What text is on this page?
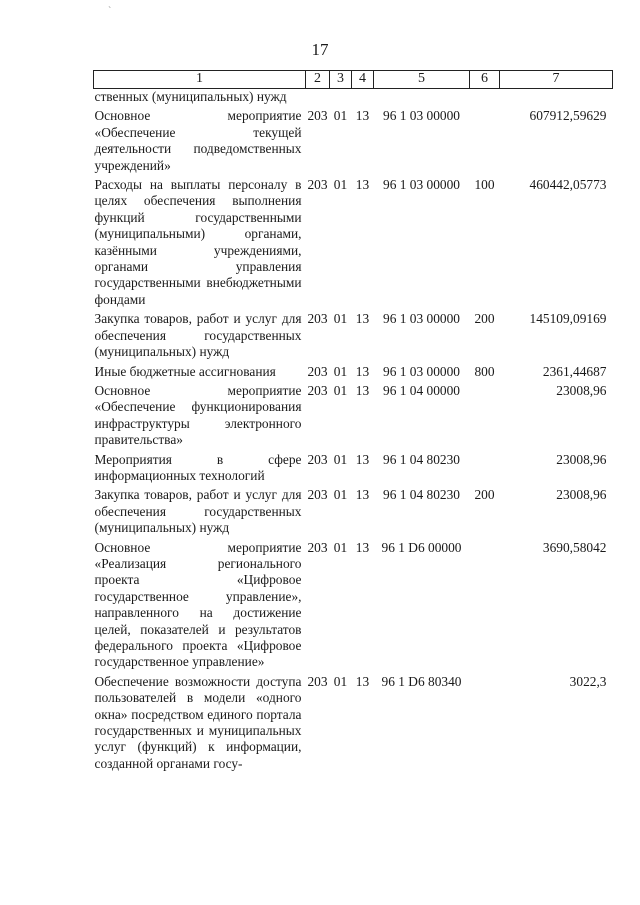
17
1	2	3	4	5	6	7
ственных (муниципальных) нужд						
Основное мероприятие «Обеспечение текущей деятельности подведомственных учреждений»	203	01	13	96 1 03 00000		607912,59629
Расходы на выплаты персоналу в целях обеспечения выполнения функций государственными (муниципальными) органами, казёнными учреждениями, органами управления государственными внебюджетными фондами	203	01	13	96 1 03 00000	100	460442,05773
Закупка товаров, работ и услуг для обеспечения государственных (муниципальных) нужд	203	01	13	96 1 03 00000	200	145109,09169
Иные бюджетные ассигнования	203	01	13	96 1 03 00000	800	2361,44687
Основное мероприятие «Обеспечение функционирования инфраструктуры электронного правительства»	203	01	13	96 1 04 00000		23008,96
Мероприятия в сфере информационных технологий	203	01	13	96 1 04 80230		23008,96
Закупка товаров, работ и услуг для обеспечения государственных (муниципальных) нужд	203	01	13	96 1 04 80230	200	23008,96
Основное мероприятие «Реализация регионального проекта «Цифровое государственное управление», направленного на достижение целей, показателей и результатов федерального проекта «Цифровое государственное управление»	203	01	13	96 1 D6 00000		3690,58042
Обеспечение возможности доступа пользователей в модели «одного окна» посредством единого портала государственных и муниципальных услуг (функций) к информации, созданной органами госу-	203	01	13	96 1 D6 80340		3022,3
ˋ
